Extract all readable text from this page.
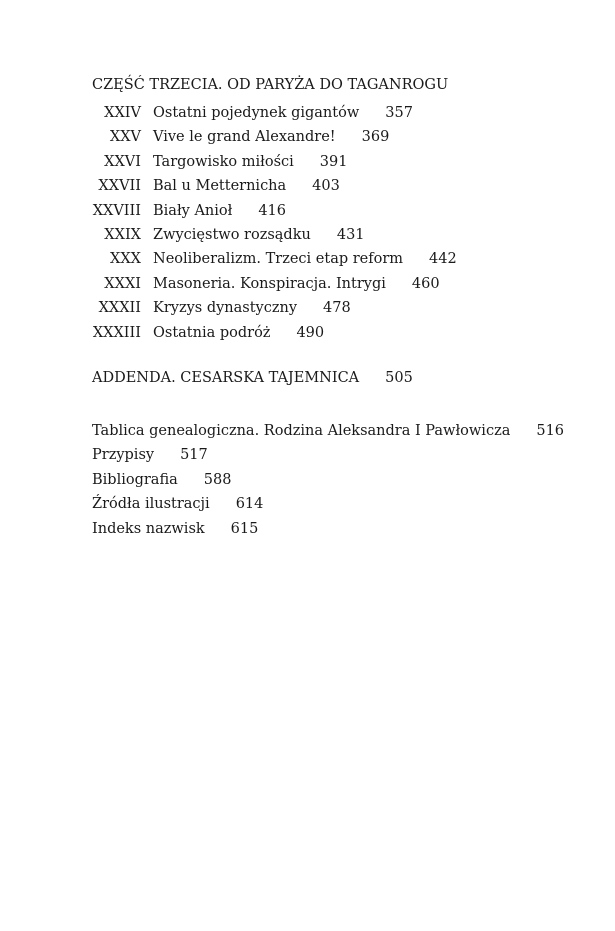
CZĘŚĆ TRZECIA. OD PARYŻA DO TAGANROGU
XXIV Ostatni pojedynek gigantów 357
XXV Vive le grand Alexandre! 369
XXVI Targowisko miłości 391
XXVII Bal u Metternicha 403
XXVIII Biały Anioł 416
XXIX Zwycięstwo rozsądku 431
XXX Neoliberalizm. Trzeci etap reform 442
XXXI Masoneria. Konspiracja. Intrygi 460
XXXII Kryzys dynastyczny 478
XXXIII Ostatnia podróż 490
ADDENDA. CESARSKA TAJEMNICA 505
Tablica genealogiczna. Rodzina Aleksandra I Pawłowicza 516
Przypisy 517
Bibliografia 588
Źródła ilustracji 614
Indeks nazwisk 615
